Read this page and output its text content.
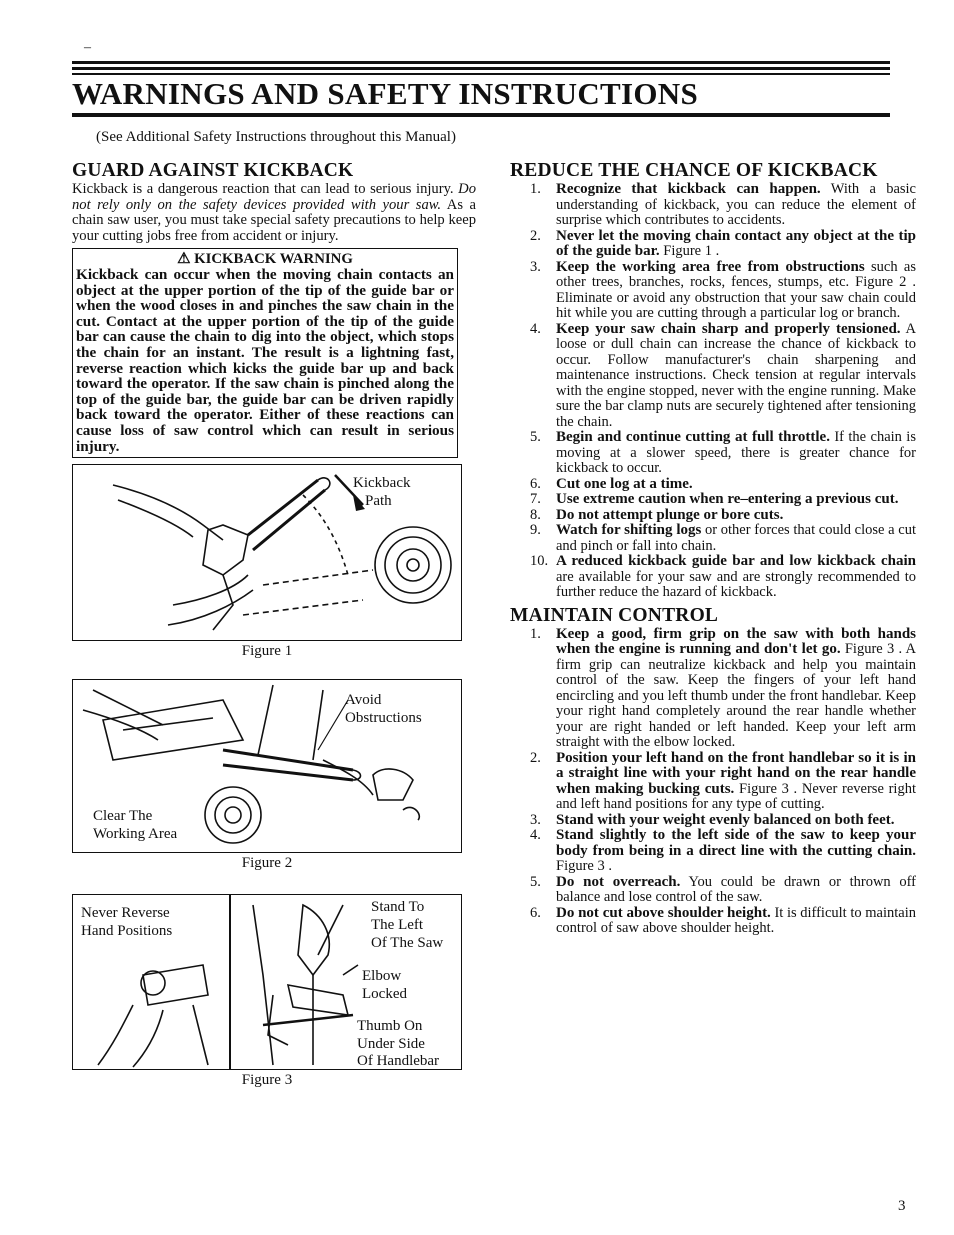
–
WARNINGS AND SAFETY INSTRUCTIONS
(See Additional Safety Instructions throughout this Manual)
GUARD AGAINST KICKBACK

Kickback is a dangerous reaction that can lead to serious injury. Do not rely only on the safety devices provided with your saw. As a chain saw user, you must take special safety precautions to help keep your cutting jobs free from accident or injury.

⚠ KICKBACK WARNING
Kickback can occur when the moving chain contacts an object at the upper portion of the tip of the guide bar or when the wood closes in and pinches the saw chain in the cut. Contact at the upper portion of the tip of the guide bar can cause the chain to dig into the object, which stops the chain for an instant. The result is a lightning fast, reverse reaction which kicks the guide bar up and back toward the operator. If the saw chain is pinched along the top of the guide bar, the guide bar can be driven rapidly back toward the operator. Either of these reactions can cause loss of saw control which can result in serious injury.
Kickback
Path
Figure 1
Avoid
Obstructions
Clear The
Working Area
Figure 2
Never Reverse
Hand Positions
Stand To
The Left
Of The Saw
Elbow
Locked
Thumb On
Under Side
Of Handlebar
Figure 3
REDUCE THE CHANCE OF KICKBACK
1. Recognize that kickback can happen. With a basic understanding of kickback, you can reduce the element of surprise which contributes to accidents.
2. Never let the moving chain contact any object at the tip of the guide bar. Figure 1 .
3. Keep the working area free from obstructions such as other trees, branches, rocks, fences, stumps, etc. Figure 2 . Eliminate or avoid any obstruction that your saw chain could hit while you are cutting through a particular log or branch.
4. Keep your saw chain sharp and properly tensioned. A loose or dull chain can increase the chance of kickback to occur. Follow manufacturer's chain sharpening and maintenance instructions. Check tension at regular intervals with the engine stopped, never with the engine running. Make sure the bar clamp nuts are securely tightened after tensioning the chain.
5. Begin and continue cutting at full throttle. If the chain is moving at a slower speed, there is greater chance for kickback to occur.
6. Cut one log at a time.
7. Use extreme caution when re–entering a previous cut.
8. Do not attempt plunge or bore cuts.
9. Watch for shifting logs or other forces that could close a cut and pinch or fall into chain.
10. A reduced kickback guide bar and low kickback chain are available for your saw and are strongly recommended to further reduce the hazard of kickback.
MAINTAIN CONTROL
1. Keep a good, firm grip on the saw with both hands when the engine is running and don't let go. Figure 3 . A firm grip can neutralize kickback and help you maintain control of the saw. Keep the fingers of your left hand encircling and you left thumb under the front handlebar. Keep your right hand completely around the rear handle whether your are right handed or left handed. Keep your left arm straight with the elbow locked.
2. Position your left hand on the front handlebar so it is in a straight line with your right hand on the rear handle when making bucking cuts. Figure 3 . Never reverse right and left hand positions for any type of cutting.
3. Stand with your weight evenly balanced on both feet.
4. Stand slightly to the left side of the saw to keep your body from being in a direct line with the cutting chain. Figure 3 .
5. Do not overreach. You could be drawn or thrown off balance and lose control of the saw.
6. Do not cut above shoulder height. It is difficult to maintain control of saw above shoulder height.
3
